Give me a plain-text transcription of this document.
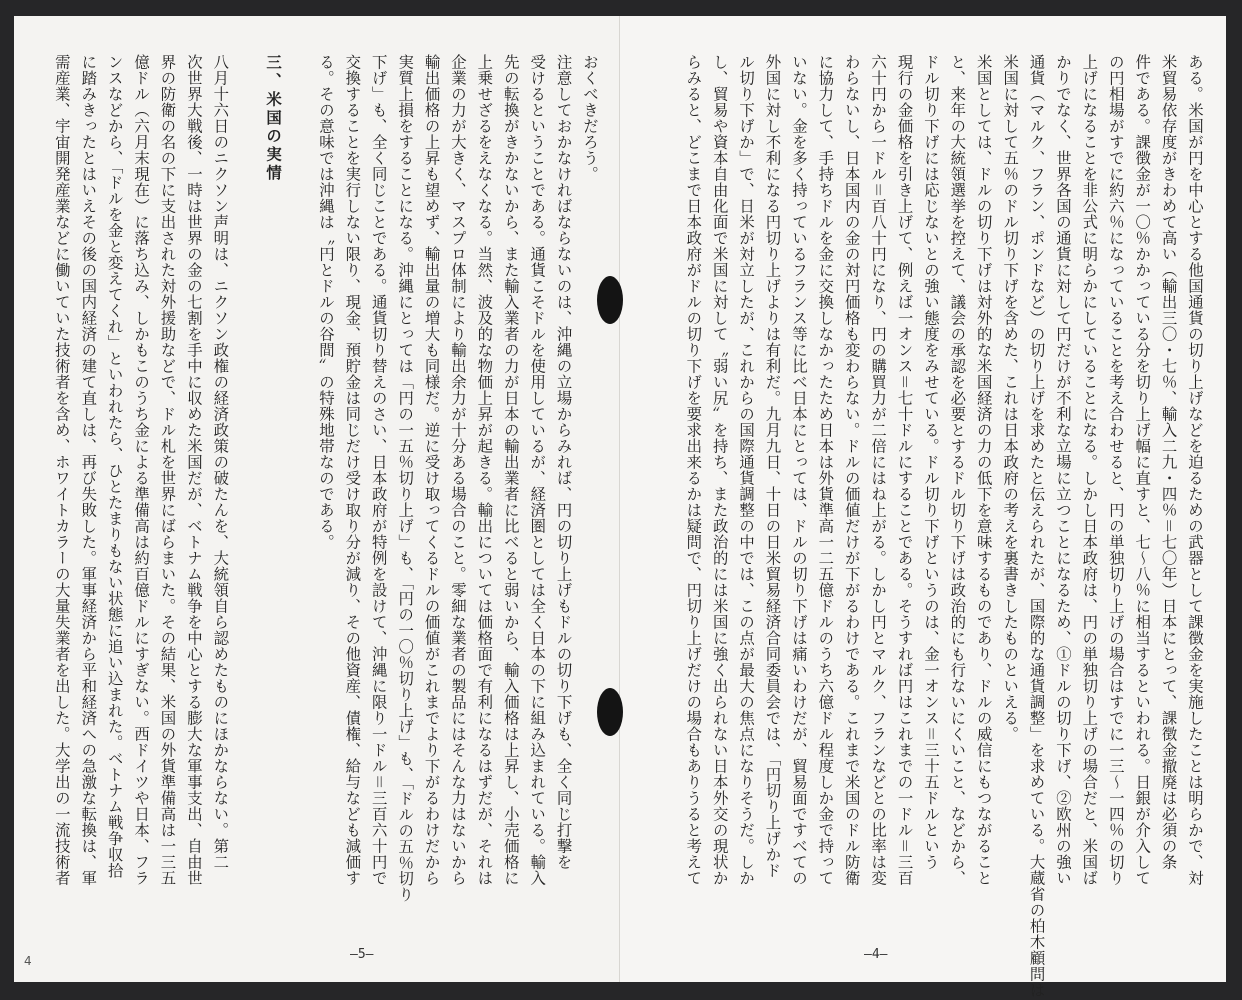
おくべきだろう。
注意しておかなければならないのは、沖縄の立場からみれば、円の切り上げもドルの切り下げも、全く同じ打撃を
受けるということである。通貨こそドルを使用しているが、経済圏としては全く日本の下に組み込まれている。輸入
先の転換がきかないから、また輸入業者の力が日本の輸出業者に比べると弱いから、輸入価格は上昇し、小売価格に
上乗せざるをえなくなる。当然、波及的な物価上昇が起きる。輸出については価格面で有利になるはずだが、それは
企業の力が大きく、マスプロ体制により輸出余力が十分ある場合のこと。零細な業者の製品にはそんな力はないから
輸出価格の上昇も望めず、輸出量の増大も同様だ。逆に受け取ってくるドルの価値がこれまでより下がるわけだから
実質上損をすることになる。沖縄にとっては「円の一五％切り上げ」も、「円の一〇％切り上げ」も、「ドルの五％切り
下げ」も、全く同じことである。通貨切り替えのさい、日本政府が特例を設けて、沖縄に限り一ドル＝三百六十円で
交換することを実行しない限り、現金、預貯金は同じだけ受け取り分が減り、その他資産、債権、給与なども減価す
る。その意味では沖縄は〝円とドルの谷間〟の特殊地帯なのである。

三、米国の実情

八月十六日のニクソン声明は、ニクソン政権の経済政策の破たんを、大統領自ら認めたものにほかならない。第二
次世界大戦後、一時は世界の金の七割を手中に収めた米国だが、ベトナム戦争を中心とする膨大な軍事支出、自由世
界の防衛の名の下に支出された対外援助などで、ドル札を世界にばらまいた。その結果、米国の外貨準備高は一三五
億ドル（六月末現在）に落ち込み、しかもこのうち金による準備高は約百億ドルにすぎない。西ドイツや日本、フラ
ンスなどから、「ドルを金と変えてくれ」といわれたら、ひとたまりもない状態に追い込まれた。ベトナム戦争収拾
に踏みきったとはいえその後の国内経済の建て直しは、再び失敗した。軍事経済から平和経済への急激な転換は、軍
需産業、宇宙開発産業などに働いていた技術者を含め、ホワイトカラーの大量失業者を出した。大学出の一流技術者
—5—
4
ある。米国が円を中心とする他国通貨の切り上げなどを迫るための武器として課徴金を実施したことは明らかで、対
米貿易依存度がきわめて高い（輸出三〇・七％、輸入二九・四％＝七〇年）日本にとって、課徴金撤廃は必須の条
件である。課徴金が一〇％かかっている分を切り上げ幅に直すと、七～八％に相当するといわれる。日銀が介入して
の円相場がすでに約六％になっていることを考え合わせると、円の単独切り上げの場合はすでに一三～一四％の切り
上げになることを非公式に明らかにしていることになる。しかし日本政府は、円の単独切り上げの場合だと、米国ば
かりでなく、世界各国の通貨に対して円だけが不利な立場に立つことになるため、①ドルの切り下げ、②欧州の強い
通貨（マルク、フラン、ポンドなど）の切り上げを求めたと伝えられたが、国際的な通貨調整」を求めている。大蔵省の柏木顧問は
米国に対して五％のドル切り下げを含めた、これは日本政府の考えを裏書きしたものといえる。
米国としては、ドルの切り下げは対外的な米国経済の力の低下を意味するものであり、ドルの威信にもつながること
と、来年の大統領選挙を控えて、議会の承認を必要とするドル切り下げは政治的にも行ないにくいこと、などから、
ドル切り下げには応じないとの強い態度をみせている。ドル切り下げというのは、金一オンス＝三十五ドルという
現行の金価格を引き上げて、例えば一オンス＝七十ドルにすることである。そうすれば円はこれまでの一ドル＝三百
六十円から一ドル＝百八十円になり、円の購買力が二倍にはね上がる。しかし円とマルク、フランなどとの比率は変
わらないし、日本国内の金の対円価格も変わらない。ドルの価値だけが下がるわけである。これまで米国のドル防衛
に協力して、手持ちドルを金に交換しなかったため日本は外貨準高一二五億ドルのうち六億ドル程度しか金で持って
いない。金を多く持っているフランス等に比べ日本にとっては、ドルの切り下げは痛いわけだが、貿易面ですべての
外国に対し不利になる円切り上げよりは有利だ。九月九日、十日の日米貿易経済合同委員会では、「円切り上げかド
ル切り下げか」で、日米が対立したが、これからの国際通貨調整の中では、この点が最大の焦点になりそうだ。しか
し、貿易や資本自由化面で米国に対して〝弱い尻〟を持ち、また政治的には米国に強く出られない日本外交の現状か
らみると、どこまで日本政府がドルの切り下げを要求出来るかは疑問で、円切り上げだけの場合もありうると考えて
—4—
